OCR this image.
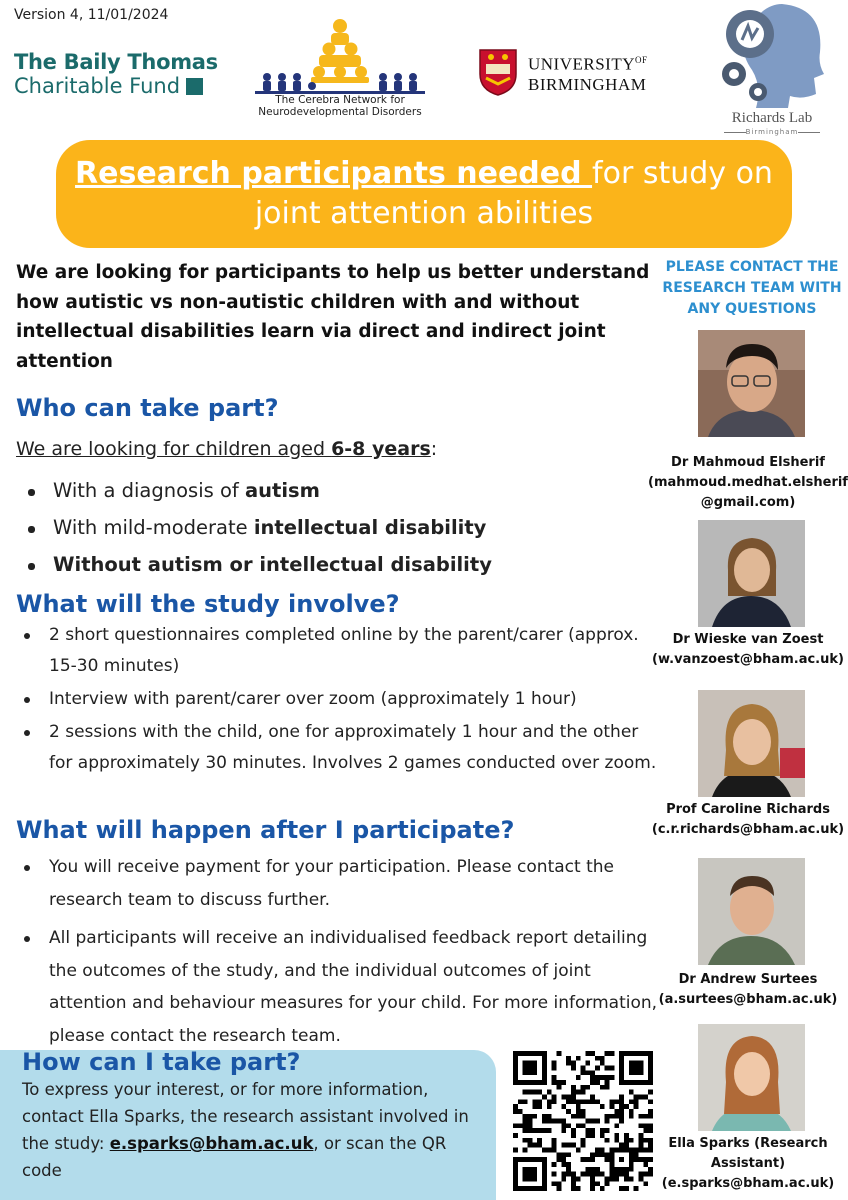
Version 4, 11/01/2024
The Baily Thomas
Charitable Fund
The Cerebra Network for
Neurodevelopmental Disorders
$UNIVERSITY^{OF}$
BIRMINGHAM
Richards Lab
Birmingham
Research participants needed for study on
joint attention abilities
We are looking for participants to help us better understand how autistic vs non-autistic children with and without intellectual disabilities learn via direct and indirect joint attention
Who can take part?
We are looking for children aged 6-8 years:
With a diagnosis of autism
With mild-moderate intellectual disability
Without autism or intellectual disability
What will the study involve?
2 short questionnaires completed online by the parent/carer (approx. 15-30 minutes)
Interview with parent/carer over zoom (approximately 1 hour)
2 sessions with the child, one for approximately 1 hour and the other for approximately 30 minutes. Involves 2 games conducted over zoom.
What will happen after I participate?
You will receive payment for your participation. Please contact the research team to discuss further.
All participants will receive an individualised feedback report detailing the outcomes of the study, and the individual outcomes of joint attention and behaviour measures for your child. For more information, please contact the research team.
How can I take part?
To express your interest, or for more information, contact Ella Sparks, the research assistant involved in the study: e.sparks@bham.ac.uk, or scan the QR code
PLEASE CONTACT THE RESEARCH TEAM WITH ANY QUESTIONS
Dr Mahmoud Elsherif
(mahmoud.medhat.elsherif
@gmail.com)
Dr Wieske van Zoest
(w.vanzoest@bham.ac.uk)
Prof Caroline Richards
(c.r.richards@bham.ac.uk)
Dr Andrew Surtees
(a.surtees@bham.ac.uk)
Ella Sparks (Research
Assistant)
(e.sparks@bham.ac.uk)
